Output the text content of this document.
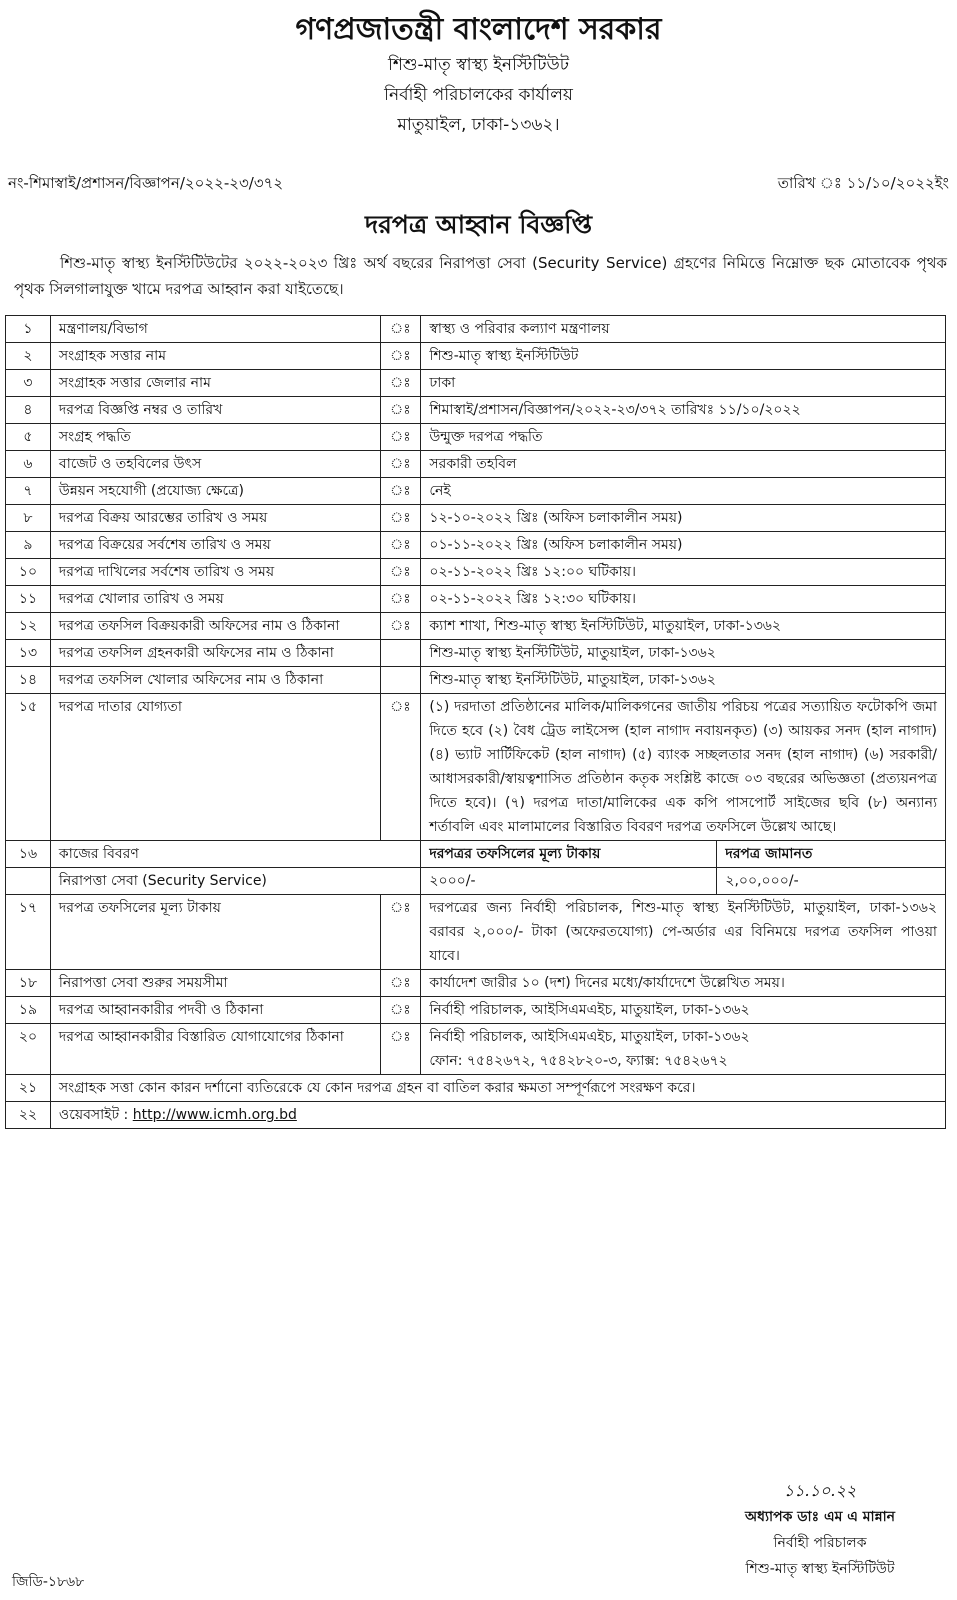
গণপ্রজাতন্ত্রী বাংলাদেশ সরকার
শিশু-মাতৃ স্বাস্থ্য ইনস্টিটিউট
নির্বাহী পরিচালকের কার্যালয়
মাতুয়াইল, ঢাকা-১৩৬২।
নং-শিমাস্বাই/প্রশাসন/বিজ্ঞাপন/২০২২-২৩/৩৭২	তারিখ ঃ ১১/১০/২০২২ইং
দরপত্র আহ্বান বিজ্ঞপ্তি
শিশু-মাতৃ স্বাস্থ্য ইনস্টিটিউটের ২০২২-২০২৩ খ্রিঃ অর্থ বছরের নিরাপত্তা সেবা (Security Service) গ্রহণের নিমিত্তে নিম্নোক্ত ছক মোতাবেক পৃথক পৃথক সিলগালাযুক্ত খামে দরপত্র আহ্বান করা যাইতেছে।
১	মন্ত্রণালয়/বিভাগ	ঃ	স্বাস্থ্য ও পরিবার কল্যাণ মন্ত্রণালয়	
২	সংগ্রাহক সত্তার নাম	ঃ	শিশু-মাতৃ স্বাস্থ্য ইনস্টিটিউট	
৩	সংগ্রাহক সত্তার জেলার নাম	ঃ	ঢাকা	
৪	দরপত্র বিজ্ঞপ্তি নম্বর ও তারিখ	ঃ	শিমাস্বাই/প্রশাসন/বিজ্ঞাপন/২০২২-২৩/৩৭২ তারিখঃ ১১/১০/২০২২	
৫	সংগ্রহ পদ্ধতি	ঃ	উন্মুক্ত দরপত্র পদ্ধতি	
৬	বাজেট ও তহবিলের উৎস	ঃ	সরকারী তহবিল	
৭	উন্নয়ন সহযোগী (প্রযোজ্য ক্ষেত্রে)	ঃ	নেই	
৮	দরপত্র বিক্রয় আরম্ভের তারিখ ও সময়	ঃ	১২-১০-২০২২ খ্রিঃ (অফিস চলাকালীন সময়)	
৯	দরপত্র বিক্রয়ের সর্বশেষ তারিখ ও সময়	ঃ	০১-১১-২০২২ খ্রিঃ (অফিস চলাকালীন সময়)	
১০	দরপত্র দাখিলের সর্বশেষ তারিখ ও সময়	ঃ	০২-১১-২০২২ খ্রিঃ ১২:০০ ঘটিকায়।	
১১	দরপত্র খোলার তারিখ ও সময়	ঃ	০২-১১-২০২২ খ্রিঃ ১২:৩০ ঘটিকায়।	
১২	দরপত্র তফসিল বিক্রয়কারী অফিসের নাম ও ঠিকানা	ঃ	ক্যাশ শাখা, শিশু-মাতৃ স্বাস্থ্য ইনস্টিটিউট, মাতুয়াইল, ঢাকা-১৩৬২	
১৩	দরপত্র তফসিল গ্রহনকারী অফিসের নাম ও ঠিকানা		শিশু-মাতৃ স্বাস্থ্য ইনস্টিটিউট, মাতুয়াইল, ঢাকা-১৩৬২	
১৪	দরপত্র তফসিল খোলার অফিসের নাম ও ঠিকানা		শিশু-মাতৃ স্বাস্থ্য ইনস্টিটিউট, মাতুয়াইল, ঢাকা-১৩৬২	
১৫	দরপত্র দাতার যোগ্যতা	ঃ	(১) দরদাতা প্রতিষ্ঠানের মালিক/মালিকগনের জাতীয় পরিচয় পত্রের সত্যায়িত ফটোকপি জমা দিতে হবে (২) বৈধ ট্রেড লাইসেন্স (হাল নাগাদ নবায়নকৃত) (৩) আয়কর সনদ (হাল নাগাদ) (৪) ভ্যাট সার্টিফিকেট (হাল নাগাদ) (৫) ব্যাংক সচ্ছলতার সনদ (হাল নাগাদ) (৬) সরকারী/আধাসরকারী/স্বায়ত্বশাসিত প্রতিষ্ঠান কতৃক সংশ্লিষ্ট কাজে ০৩ বছরের অভিজ্ঞতা (প্রত্যয়নপত্র দিতে হবে)। (৭) দরপত্র দাতা/মালিকের এক কপি পাসপোর্ট সাইজের ছবি (৮) অন্যান্য শর্তাবলি এবং মালামালের বিস্তারিত বিবরণ দরপত্র তফসিলে উল্লেখ আছে।	
১৬	কাজের বিবরণ		দরপত্রর তফসিলের মূল্য টাকায়	দরপত্র জামানত
	নিরাপত্তা সেবা (Security Service)		২০০০/-	২,০০,০০০/-
১৭	দরপত্র তফসিলের মূল্য টাকায়	ঃ	দরপত্রের জন্য নির্বাহী পরিচালক, শিশু-মাতৃ স্বাস্থ্য ইনস্টিটিউট, মাতুয়াইল, ঢাকা-১৩৬২ বরাবর ২,০০০/- টাকা (অফেরতযোগ্য) পে-অর্ডার এর বিনিময়ে দরপত্র তফসিল পাওয়া যাবে।	
১৮	নিরাপত্তা সেবা শুরুর সময়সীমা	ঃ	কার্যাদেশ জারীর ১০ (দশ) দিনের মধ্যে/কার্যাদেশে উল্লেখিত সময়।	
১৯	দরপত্র আহ্বানকারীর পদবী ও ঠিকানা	ঃ	নির্বাহী পরিচালক, আইসিএমএইচ, মাতুয়াইল, ঢাকা-১৩৬২	
২০	দরপত্র আহ্বানকারীর বিস্তারিত যোগাযোগের ঠিকানা	ঃ	নির্বাহী পরিচালক, আইসিএমএইচ, মাতুয়াইল, ঢাকা-১৩৬২
ফোন: ৭৫৪২৬৭২, ৭৫৪২৮২০-৩, ফ্যাক্স: ৭৫৪২৬৭২	

২১	সংগ্রাহক সত্তা কোন কারন দর্শানো ব্যতিরেকে যে কোন দরপত্র গ্রহন বা বাতিল করার ক্ষমতা সম্পূর্ণরূপে সংরক্ষণ করে।			
২২	ওয়েবসাইট : http://www.icmh.org.bd			
১১.১০.২২
অধ্যাপক ডাঃ এম এ মান্নান
নির্বাহী পরিচালক
শিশু-মাতৃ স্বাস্থ্য ইনস্টিটিউট
জিডি-১৮৬৮
